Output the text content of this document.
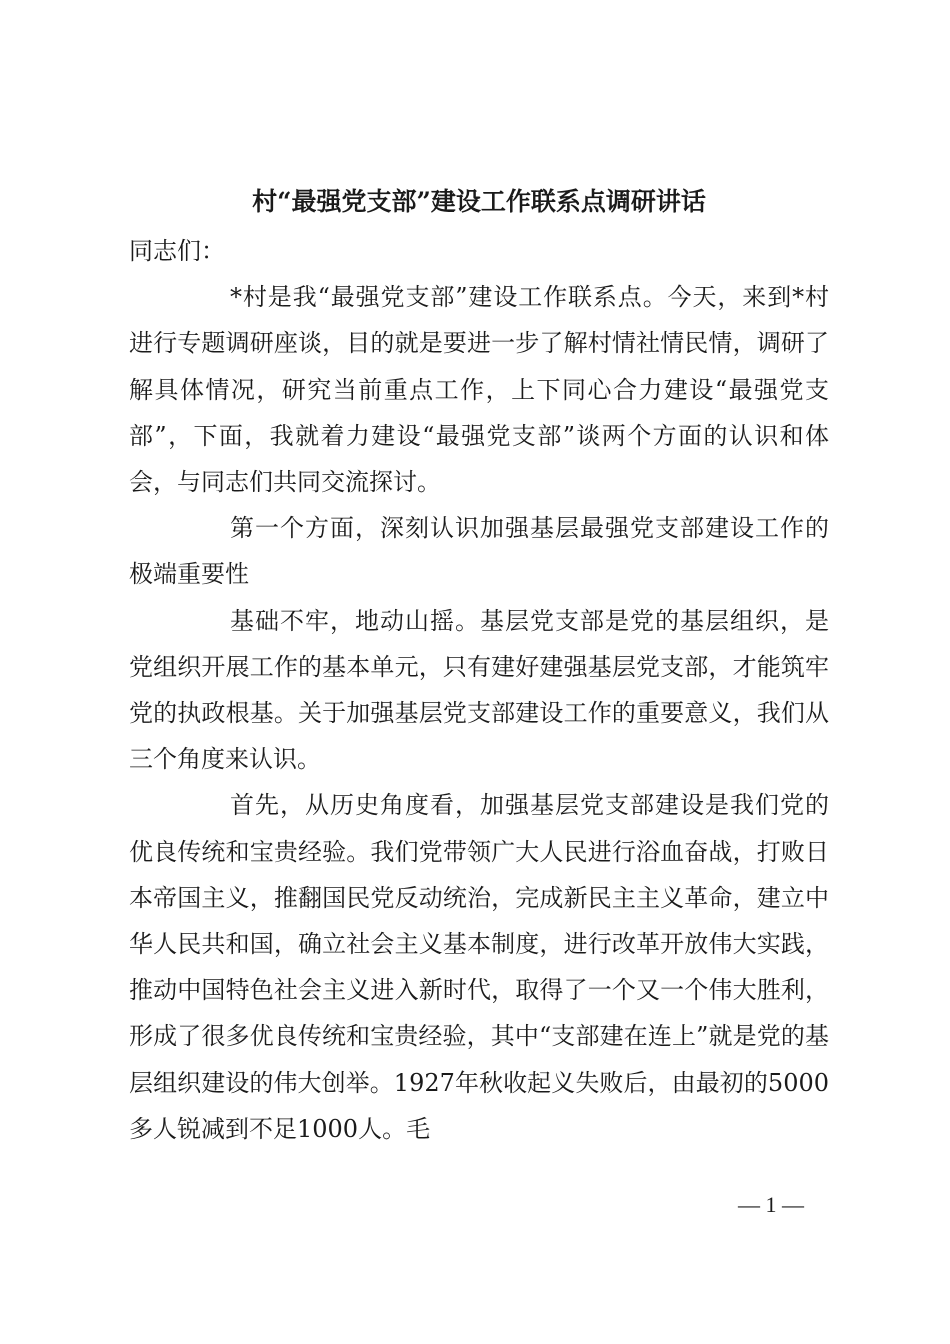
村“最强党支部”建设工作联系点调研讲话

同志们：

*村是我“最强党支部”建设工作联系点。今天，来到*村进行专题调研座谈，目的就是要进一步了解村情社情民情，调研了解具体情况，研究当前重点工作，上下同心合力建设“最强党支部”，下面，我就着力建设“最强党支部”谈两个方面的认识和体会，与同志们共同交流探讨。

第一个方面，深刻认识加强基层最强党支部建设工作的极端重要性

基础不牢，地动山摇。基层党支部是党的基层组织，是党组织开展工作的基本单元，只有建好建强基层党支部，才能筑牢党的执政根基。关于加强基层党支部建设工作的重要意义，我们从三个角度来认识。

首先，从历史角度看，加强基层党支部建设是我们党的优良传统和宝贵经验。我们党带领广大人民进行浴血奋战，打败日本帝国主义，推翻国民党反动统治，完成新民主主义革命，建立中华人民共和国，确立社会主义基本制度，进行改革开放伟大实践，推动中国特色社会主义进入新时代，取得了一个又一个伟大胜利，形成了很多优良传统和宝贵经验，其中“支部建在连上”就是党的基层组织建设的伟大创举。1927年秋收起义失败后，由最初的5000多人锐减到不足1000人。毛

— 1 —
